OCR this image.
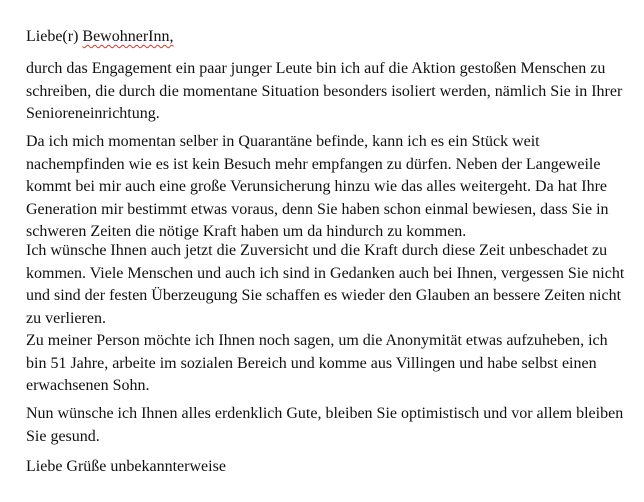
Liebe(r) BewohnerInn,

durch das Engagement ein paar junger Leute bin ich auf die Aktion gestoßen Menschen zu
schreiben, die durch die momentane Situation besonders isoliert werden, nämlich Sie in Ihrer
Senioreneinrichtung.

Da ich mich momentan selber in Quarantäne befinde, kann ich es ein Stück weit
nachempfinden wie es ist kein Besuch mehr empfangen zu dürfen. Neben der Langeweile
kommt bei mir auch eine große Verunsicherung hinzu wie das alles weitergeht. Da hat Ihre
Generation mir bestimmt etwas voraus, denn Sie haben schon einmal bewiesen, dass Sie in
schweren Zeiten die nötige Kraft haben um da hindurch zu kommen.

Ich wünsche Ihnen auch jetzt die Zuversicht und die Kraft durch diese Zeit unbeschadet zu
kommen. Viele Menschen und auch ich sind in Gedanken auch bei Ihnen, vergessen Sie nicht
und sind der festen Überzeugung Sie schaffen es wieder den Glauben an bessere Zeiten nicht
zu verlieren.

Zu meiner Person möchte ich Ihnen noch sagen, um die Anonymität etwas aufzuheben, ich
bin 51 Jahre, arbeite im sozialen Bereich und komme aus Villingen und habe selbst einen
erwachsenen Sohn.

Nun wünsche ich Ihnen alles erdenklich Gute, bleiben Sie optimistisch und vor allem bleiben
Sie gesund.

Liebe Grüße unbekannterweise
